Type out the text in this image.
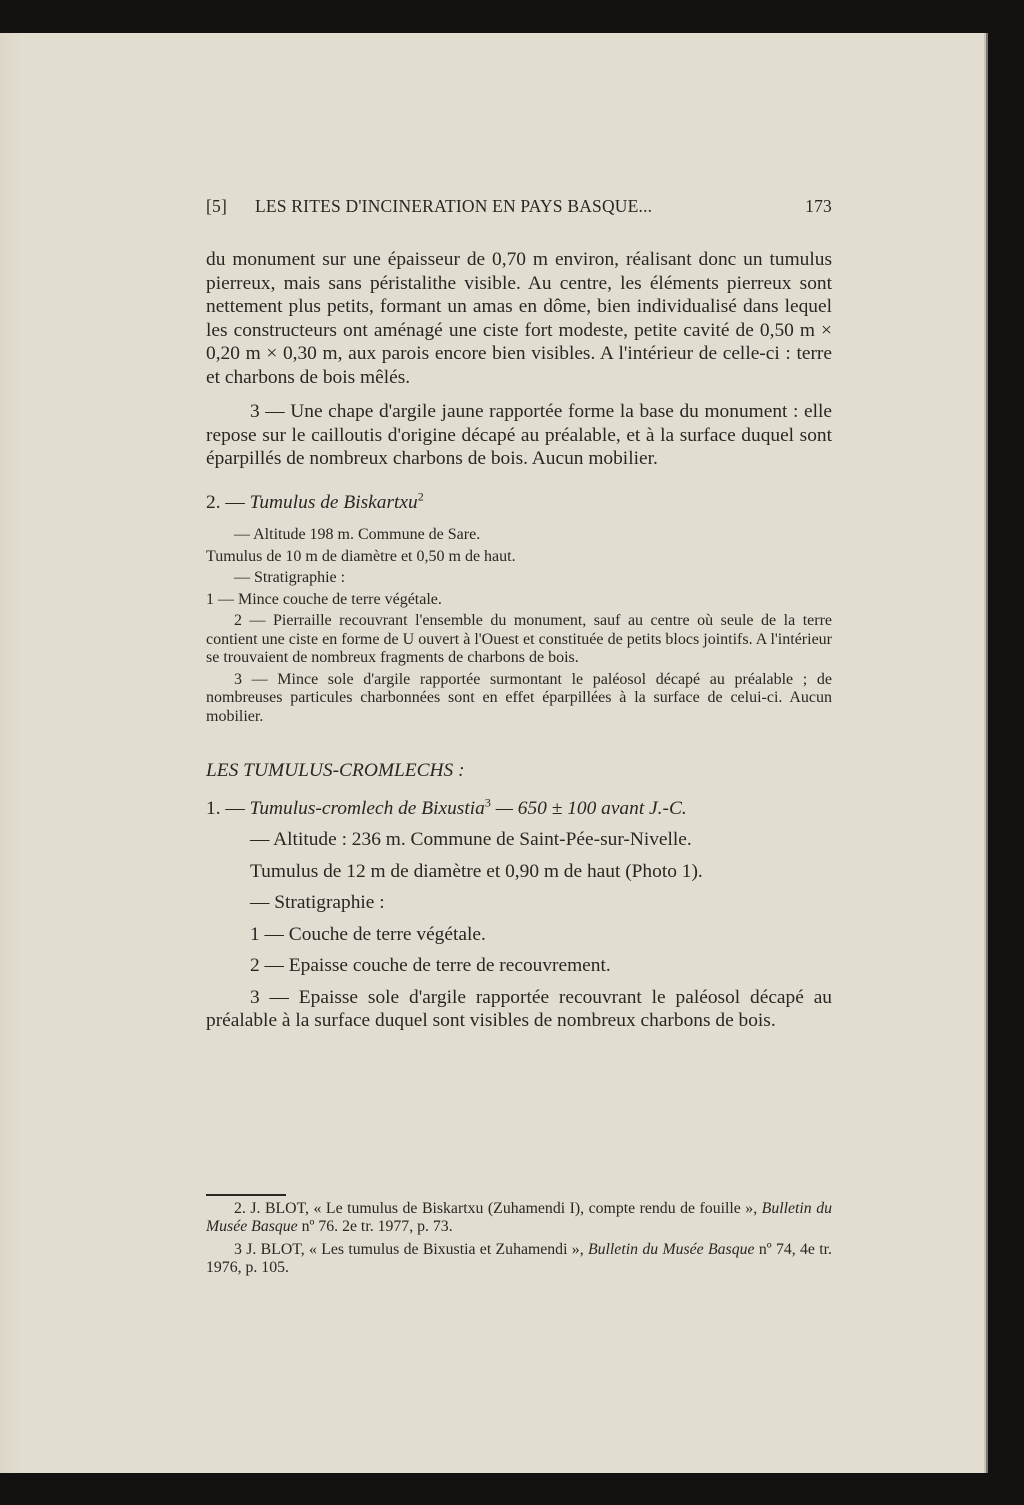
[5] LES RITES D'INCINERATION EN PAYS BASQUE...	173

du monument sur une épaisseur de 0,70 m environ, réalisant donc un tumulus pierreux, mais sans péristalithe visible. Au centre, les éléments pierreux sont nettement plus petits, formant un amas en dôme, bien individualisé dans lequel les constructeurs ont aménagé une ciste fort modeste, petite cavité de 0,50 m × 0,20 m × 0,30 m, aux parois encore bien visibles. A l'intérieur de celle-ci : terre et charbons de bois mêlés.

3 — Une chape d'argile jaune rapportée forme la base du monument : elle repose sur le cailloutis d'origine décapé au préalable, et à la surface duquel sont éparpillés de nombreux charbons de bois. Aucun mobilier.

2. — Tumulus de Biskartxu$^2$

— Altitude 198 m. Commune de Sare.

Tumulus de 10 m de diamètre et 0,50 m de haut.

— Stratigraphie :

1 — Mince couche de terre végétale.

2 — Pierraille recouvrant l'ensemble du monument, sauf au centre où seule de la terre contient une ciste en forme de U ouvert à l'Ouest et constituée de petits blocs jointifs. A l'intérieur se trouvaient de nombreux fragments de charbons de bois.

3 — Mince sole d'argile rapportée surmontant le paléosol décapé au préalable ; de nombreuses particules charbonnées sont en effet éparpillées à la surface de celui-ci. Aucun mobilier.

LES TUMULUS-CROMLECHS :

1. — Tumulus-cromlech de Bixustia$^3$ — 650 ± 100 avant J.-C.

— Altitude : 236 m. Commune de Saint-Pée-sur-Nivelle.

Tumulus de 12 m de diamètre et 0,90 m de haut (Photo 1).

— Stratigraphie :

1 — Couche de terre végétale.

2 — Epaisse couche de terre de recouvrement.

3 — Epaisse sole d'argile rapportée recouvrant le paléosol décapé au préalable à la surface duquel sont visibles de nombreux charbons de bois.

2. J. BLOT, « Le tumulus de Biskartxu (Zuhamendi I), compte rendu de fouille », Bulletin du Musée Basque nº 76. 2e tr. 1977, p. 73.

3 J. BLOT, « Les tumulus de Bixustia et Zuhamendi », Bulletin du Musée Basque nº 74, 4e tr. 1976, p. 105.
